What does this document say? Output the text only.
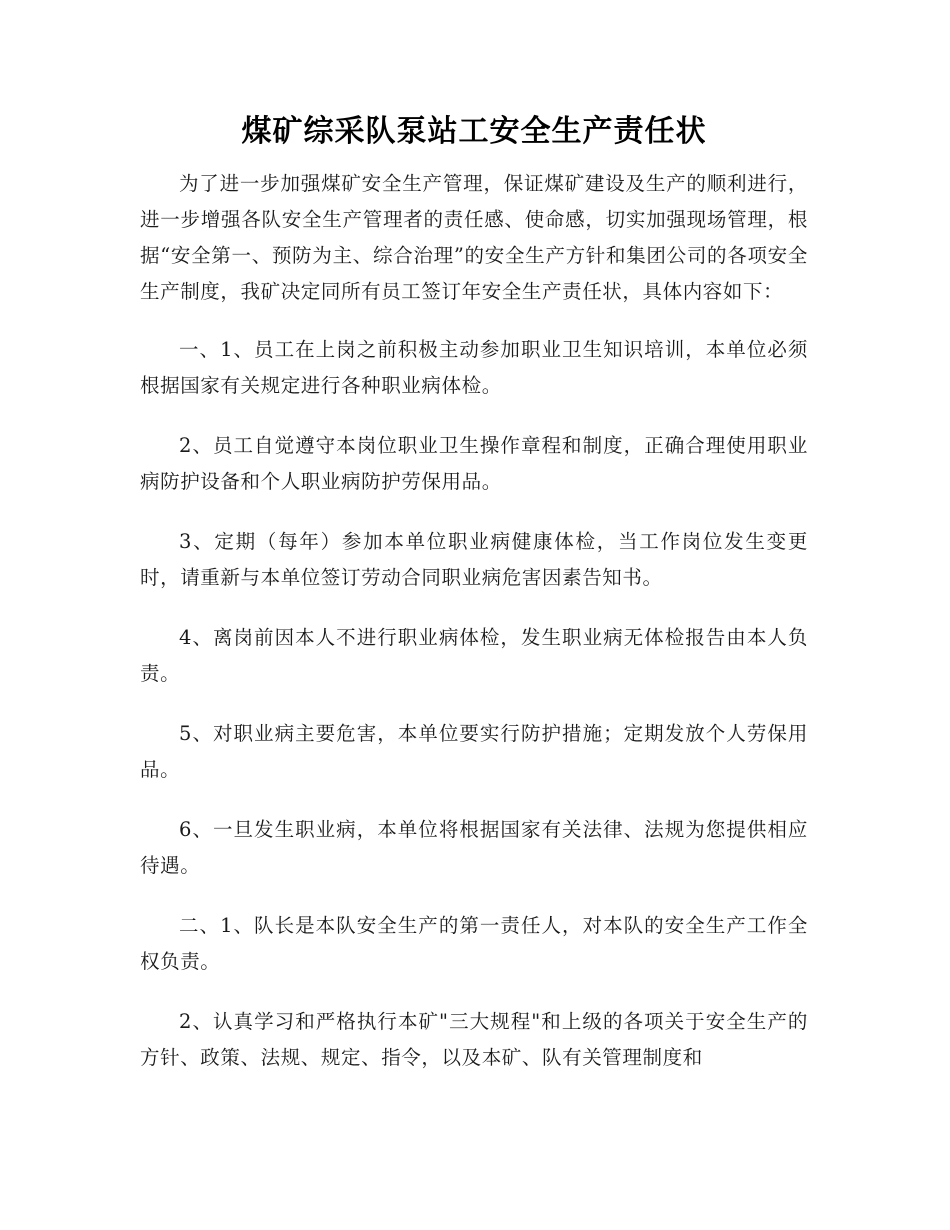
煤矿综采队泵站工安全生产责任状

为了进一步加强煤矿安全生产管理，保证煤矿建设及生产的顺利进行，进一步增强各队安全生产管理者的责任感、使命感，切实加强现场管理，根据“安全第一、预防为主、综合治理”的安全生产方针和集团公司的各项安全生产制度，我矿决定同所有员工签订年安全生产责任状，具体内容如下：

一、1、员工在上岗之前积极主动参加职业卫生知识培训，本单位必须根据国家有关规定进行各种职业病体检。

2、员工自觉遵守本岗位职业卫生操作章程和制度，正确合理使用职业病防护设备和个人职业病防护劳保用品。

3、定期（每年）参加本单位职业病健康体检，当工作岗位发生变更时，请重新与本单位签订劳动合同职业病危害因素告知书。

4、离岗前因本人不进行职业病体检，发生职业病无体检报告由本人负责。

5、对职业病主要危害，本单位要实行防护措施；定期发放个人劳保用品。

6、一旦发生职业病，本单位将根据国家有关法律、法规为您提供相应待遇。

二、1、队长是本队安全生产的第一责任人，对本队的安全生产工作全权负责。

2、认真学习和严格执行本矿"三大规程"和上级的各项关于安全生产的方针、政策、法规、规定、指令，以及本矿、队有关管理制度和
